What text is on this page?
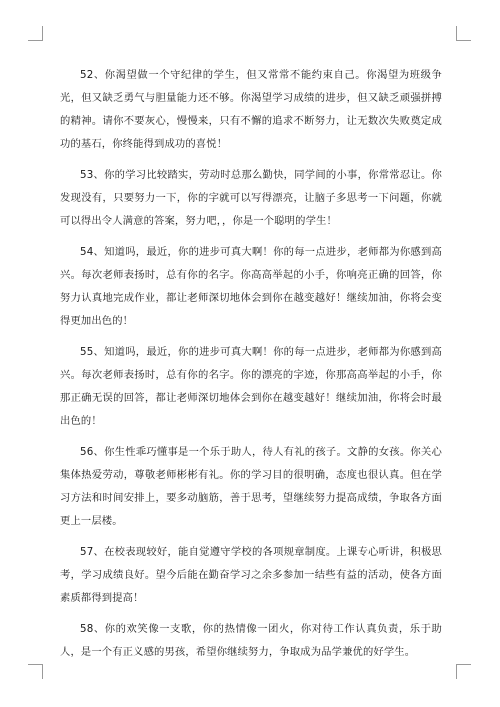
52、你渴望做一个守纪律的学生，但又常常不能约束自己。你渴望为班级争光，但又缺乏勇气与胆量能力还不够。你渴望学习成绩的进步，但又缺乏顽强拼搏的精神。请你不要灰心，慢慢来，只有不懈的追求不断努力，让无数次失败奠定成功的基石，你终能得到成功的喜悦！

53、你的学习比较踏实，劳动时总那么勤快，同学间的小事，你常常忍让。你发现没有，只要努力一下，你的字就可以写得漂亮，让脑子多思考一下问题，你就可以得出令人满意的答案，努力吧，，你是一个聪明的学生！

54、知道吗，最近，你的进步可真大啊！你的每一点进步，老师都为你感到高兴。每次老师表扬时，总有你的名字。你高高举起的小手，你响亮正确的回答，你努力认真地完成作业，都让老师深切地体会到你在越变越好！继续加油，你将会变得更加出色的！

55、知道吗，最近，你的进步可真大啊！你的每一点进步，老师都为你感到高兴。每次老师表扬时，总有你的名字。你的漂亮的字迹，你那高高举起的小手，你那正确无误的回答，都让老师深切地体会到你在越变越好！继续加油，你将会时最出色的！

56、你生性乖巧懂事是一个乐于助人，待人有礼的孩子。文静的女孩。你关心集体热爱劳动，尊敬老师彬彬有礼。你的学习目的很明确，态度也很认真。但在学习方法和时间安排上，要多动脑筋，善于思考，望继续努力提高成绩，争取各方面更上一层楼。

57、在校表现较好，能自觉遵守学校的各项规章制度。上课专心听讲，积极思考，学习成绩良好。望今后能在勤奋学习之余多参加一结些有益的活动，使各方面素质都得到提高！

58、你的欢笑像一支歌，你的热情像一团火，你对待工作认真负责，乐于助人，是一个有正义感的男孩，希望你继续努力，争取成为品学兼优的好学生。
